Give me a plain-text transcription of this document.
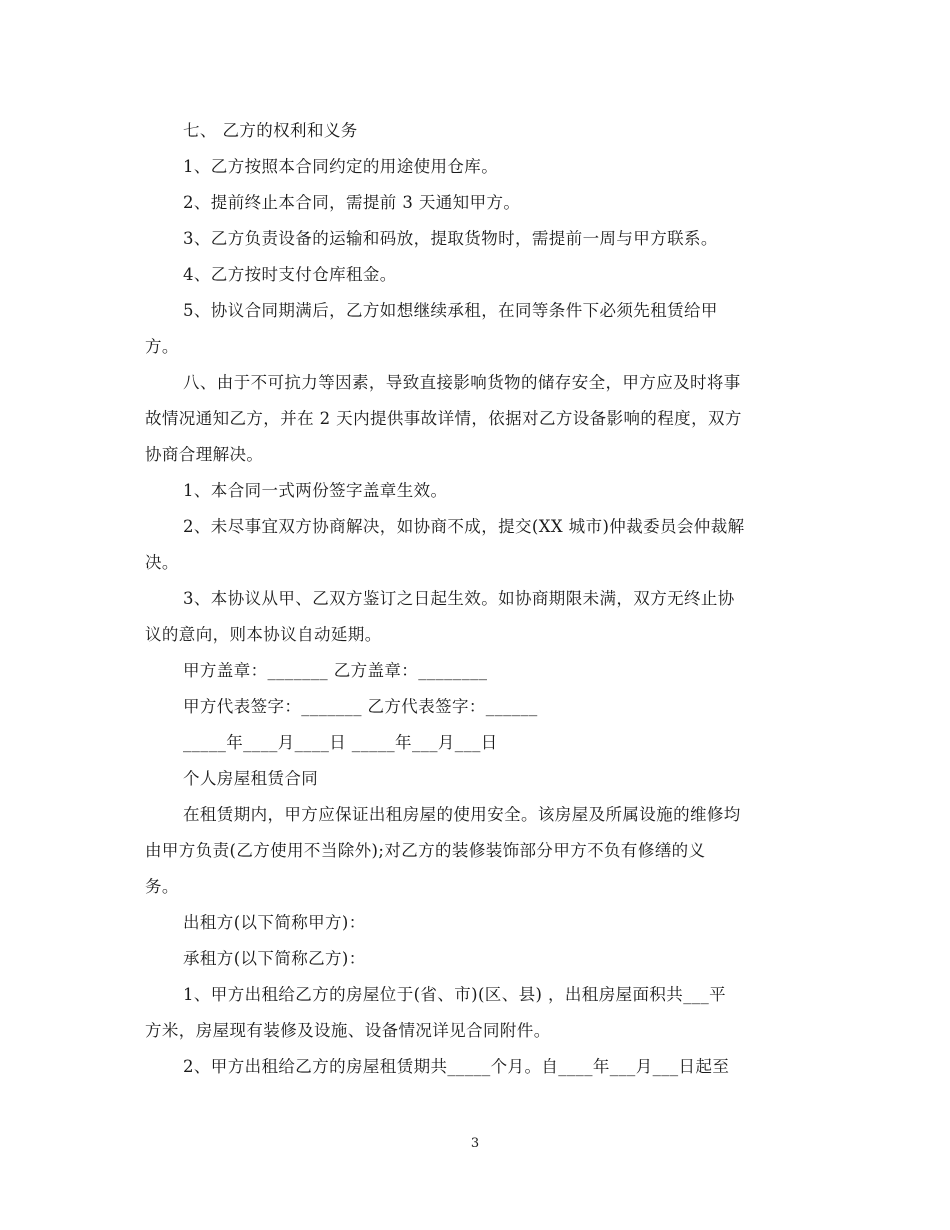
七、 乙方的权利和义务
1、乙方按照本合同约定的用途使用仓库。
2、提前终止本合同，需提前 3 天通知甲方。
3、乙方负责设备的运输和码放，提取货物时，需提前一周与甲方联系。
4、乙方按时支付仓库租金。
5、协议合同期满后，乙方如想继续承租，在同等条件下必须先租赁给甲
方。
八、由于不可抗力等因素，导致直接影响货物的储存安全，甲方应及时将事
故情况通知乙方，并在 2 天内提供事故详情，依据对乙方设备影响的程度，双方
协商合理解决。
1、本合同一式两份签字盖章生效。
2、未尽事宜双方协商解决，如协商不成，提交(XX 城市)仲裁委员会仲裁解
决。
3、本协议从甲、乙双方鉴订之日起生效。如协商期限未满，双方无终止协
议的意向，则本协议自动延期。
甲方盖章：_______ 乙方盖章：________
甲方代表签字：_______ 乙方代表签字：______
_____年____月____日 _____年___月___日
个人房屋租赁合同
在租赁期内，甲方应保证出租房屋的使用安全。该房屋及所属设施的维修均
由甲方负责(乙方使用不当除外);对乙方的装修装饰部分甲方不负有修缮的义
务。
出租方(以下简称甲方)：
承租方(以下简称乙方)：
1、甲方出租给乙方的房屋位于(省、市)(区、县) ，出租房屋面积共___平
方米，房屋现有装修及设施、设备情况详见合同附件。
2、甲方出租给乙方的房屋租赁期共_____个月。自____年___月___日起至
3
